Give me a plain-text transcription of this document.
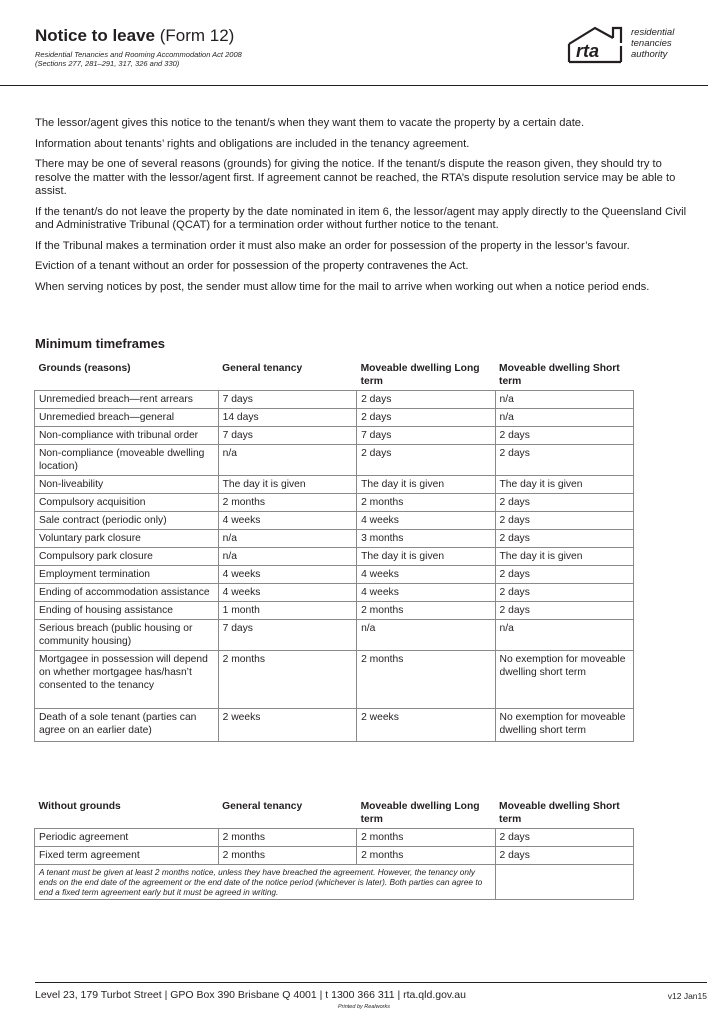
Notice to leave (Form 12)
Residential Tenancies and Rooming Accommodation Act 2008
(Sections 277, 281–291, 317, 326 and 330)
rta
residential
tenancies
authority

The lessor/agent gives this notice to the tenant/s when they want them to vacate the property by a certain date.

Information about tenants’ rights and obligations are included in the tenancy agreement.

There may be one of several reasons (grounds) for giving the notice. If the tenant/s dispute the reason given, they should try to resolve the matter with the lessor/agent first. If agreement cannot be reached, the RTA’s dispute resolution service may be able to assist.

If the tenant/s do not leave the property by the date nominated in item 6, the lessor/agent may apply directly to the Queensland Civil and Administrative Tribunal (QCAT) for a termination order without further notice to the tenant.

If the Tribunal makes a termination order it must also make an order for possession of the property in the lessor’s favour.

Eviction of a tenant without an order for possession of the property contravenes the Act.

When serving notices by post, the sender must allow time for the mail to arrive when working out when a notice period ends.

Minimum timeframes
Grounds (reasons)	General tenancy	Moveable dwelling Long term	Moveable dwelling Short term
Unremedied breach—rent arrears	7 days	2 days	n/a
Unremedied breach—general	14 days	2 days	n/a
Non-compliance with tribunal order	7 days	7 days	2 days
Non-compliance (moveable dwelling location)	n/a	2 days	2 days
Non-liveability	The day it is given	The day it is given	The day it is given
Compulsory acquisition	2 months	2 months	2 days
Sale contract (periodic only)	4 weeks	4 weeks	2 days
Voluntary park closure	n/a	3 months	2 days
Compulsory park closure	n/a	The day it is given	The day it is given
Employment termination	4 weeks	4 weeks	2 days
Ending of accommodation assistance	4 weeks	4 weeks	2 days
Ending of housing assistance	1 month	2 months	2 days
Serious breach (public housing or community housing)	7 days	n/a	n/a
Mortgagee in possession will depend on whether mortgagee has/hasn’t consented to the tenancy	2 months	2 months	No exemption for moveable dwelling short term
Death of a sole tenant (parties can agree on an earlier date)	2 weeks	2 weeks	No exemption for moveable dwelling short term
Without grounds	General tenancy	Moveable dwelling Long term	Moveable dwelling Short term
Periodic agreement	2 months	2 months	2 days
Fixed term agreement	2 months	2 months	2 days
A tenant must be given at least 2 months notice, unless they have breached the agreement. However, the tenancy only ends on the end date of the agreement or the end date of the notice period (whichever is later). Both parties can agree to end a fixed term agreement early but it must be agreed in writing.			
Level 23, 179 Turbot Street | GPO Box 390 Brisbane Q 4001 | t 1300 366 311 | rta.qld.gov.au	v12 Jan15
Printed by Realworks
